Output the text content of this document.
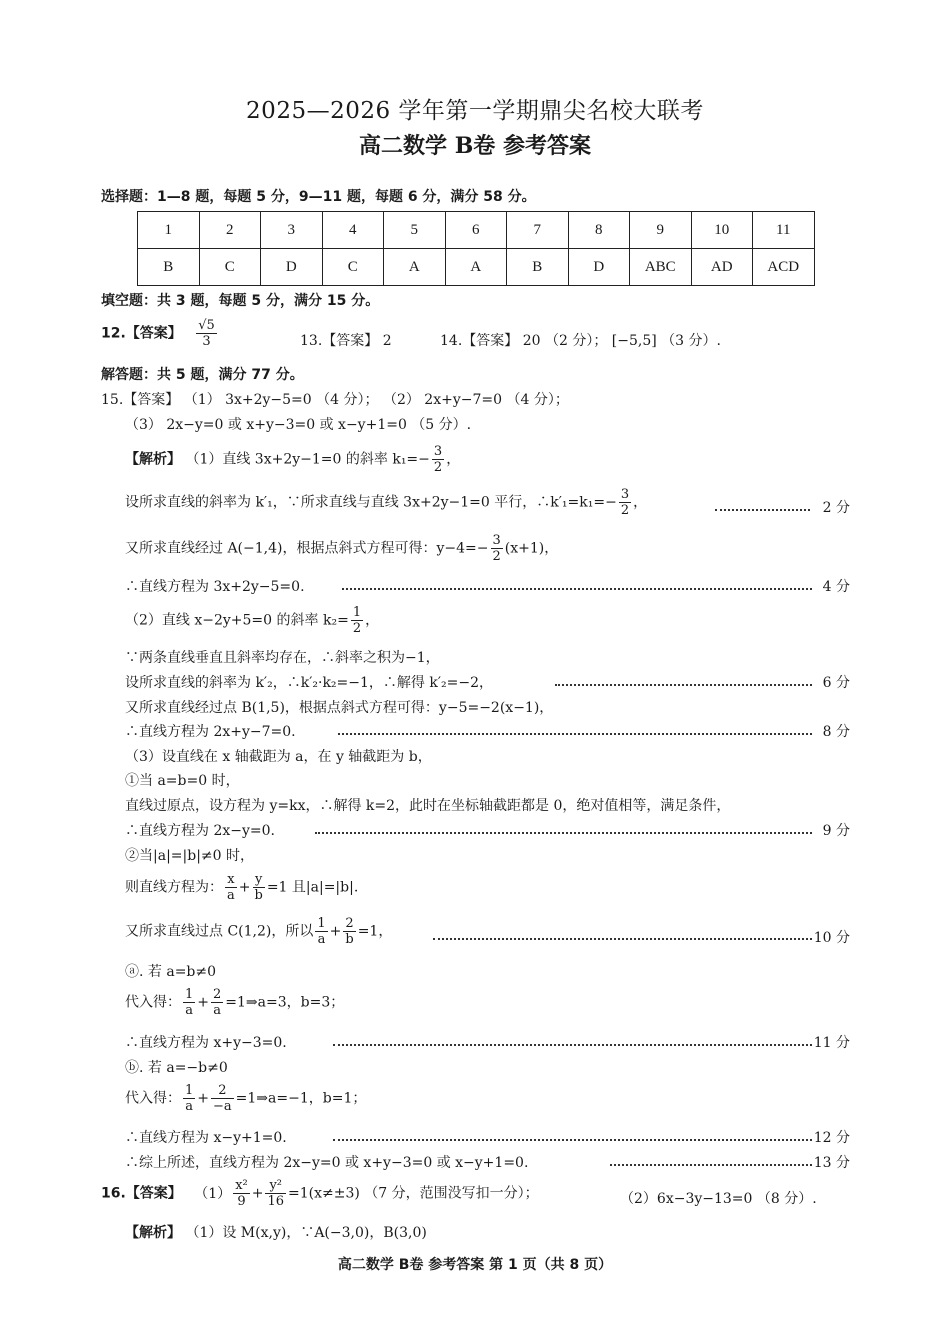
2025—2026 学年第一学期鼎尖名校大联考
高二数学 B卷 参考答案
选择题：1—8 题，每题 5 分，9—11 题，每题 6 分，满分 58 分。
1	2	3	4	5	6	7	8	9	10	11
B	C	D	C	A	A	B	D	ABC	AD	ACD
填空题：共 3 题，每题 5 分，满分 15 分。
12.【答案】 $\frac{√5}{3}$	13.【答案】 2	14.【答案】 20 （2 分）； [−5,5] （3 分）.
解答题：共 5 题，满分 77 分。
15.【答案】 （1） 3x+2y−5=0 （4 分）； （2） 2x+y−7=0 （4 分）；
（3） 2x−y=0 或 x+y−3=0 或 x−y+1=0 （5 分）.
【解析】 （1）直线 3x+2y−1=0 的斜率 $k_1=- \frac{3}{2}$ ，
设所求直线的斜率为 k′₁，∵所求直线与直线 3x+2y−1=0 平行，∴k′₁=k₁=− $\frac{3}{2}$ ，	2 分
又所求直线经过 A(−1,4)，根据点斜式方程可得：$y-4=- \frac{3}{2} (x+1)$，
∴直线方程为 3x+2y−5=0.	4 分
（2）直线 x−2y+5=0 的斜率 $k_2= \frac{1}{2}$ ，
∵两条直线垂直且斜率均存在，∴斜率之积为−1，
设所求直线的斜率为 k′₂，∴k′₂·k₂=−1，∴解得 k′₂=−2，	6 分
又所求直线经过点 B(1,5)，根据点斜式方程可得：y−5=−2(x−1)，
∴直线方程为 2x+y−7=0.	8 分
（3）设直线在 x 轴截距为 a，在 y 轴截距为 b，
①当 a=b=0 时，
直线过原点，设方程为 y=kx，∴解得 k=2，此时在坐标轴截距都是 0，绝对值相等，满足条件，
∴直线方程为 2x−y=0.	9 分
②当|a|=|b|≠0 时，
则直线方程为： $\frac{x}{a} + \frac{y}{b} =1$ 且|a|=|b|.
又所求直线过点 C(1,2)，所以 $\frac{1}{a} + \frac{2}{b} =1$，	10 分
ⓐ. 若 a=b≠0
代入得： $\frac{1}{a} + \frac{2}{a}$ =1⇒a=3，b=3；
∴直线方程为 x+y−3=0.	11 分
ⓑ. 若 a=−b≠0
代入得： $\frac{1}{a} + \frac{2}{-a}$ =1⇒a=−1，b=1；
∴直线方程为 x−y+1=0.	12 分
∴综上所述，直线方程为 2x−y=0 或 x+y−3=0 或 x−y+1=0.	13 分
16.【答案】 $(1) \frac{\text{x²}}{9} + \frac{\text{y²}}{16} =1(x\ne\pm 3)$ （7 分，范围没写扣一分）；	（2）6x−3y−13=0 （8 分）.
【解析】 （1）设 M(x,y)，∵A(−3,0)，B(3,0)
高二数学 B卷 参考答案 第 1 页（共 8 页）
